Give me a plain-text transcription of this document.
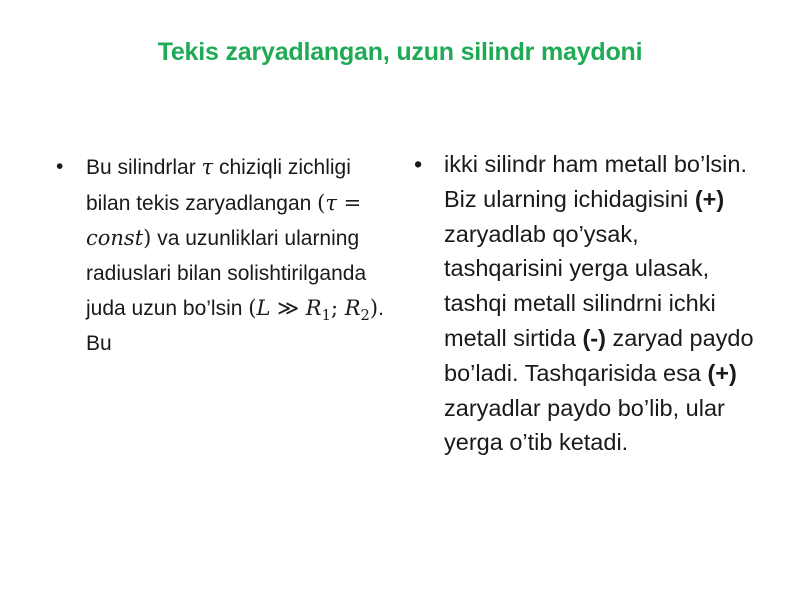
Tekis zaryadlangan, uzun silindr maydoni
• Bu silindrlar τ chiziqli zichligi bilan tekis zaryadlangan (τ = const) va uzunliklari ularning radiuslari bilan solishtirilganda juda uzun bo’lsin (L ≫ $R_1$; $R_2$). Bu
• ikki silindr ham metall bo’lsin. Biz ularning ichidagisini (+) zaryadlab qo’ysak, tashqarisini yerga ulasak, tashqi metall silindrni ichki metall sirtida (-) zaryad paydo bo’ladi. Tashqarisida esa (+) zaryadlar paydo bo’lib, ular yerga o’tib ketadi.
